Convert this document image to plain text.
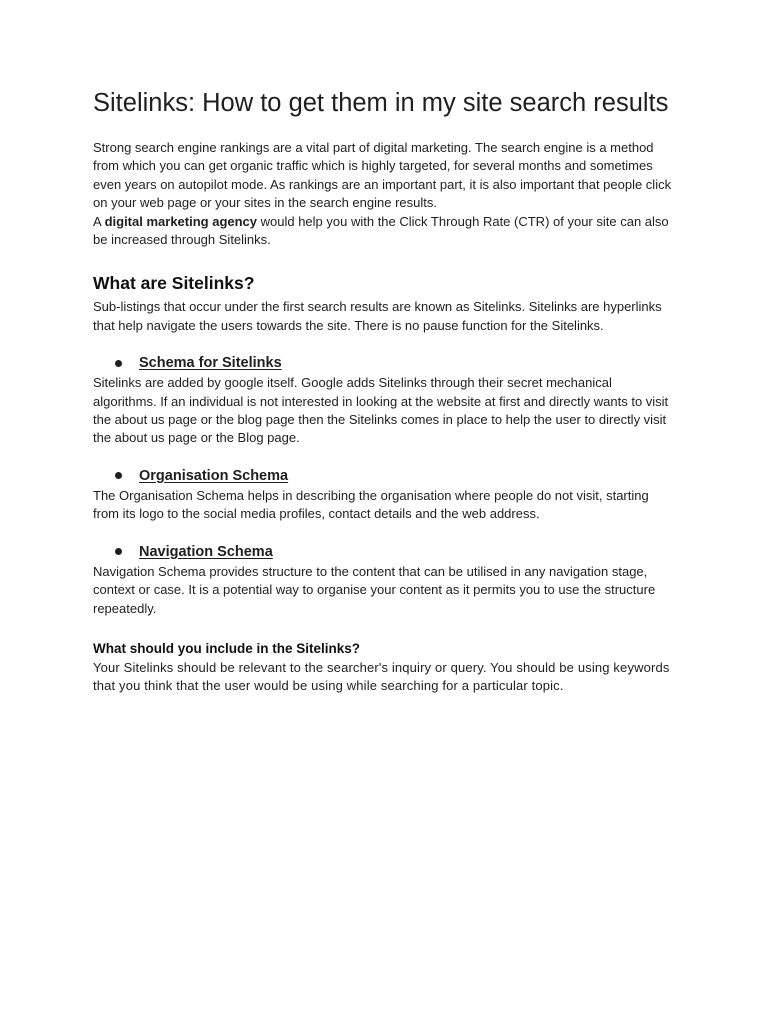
Sitelinks: How to get them in my site search results

Strong search engine rankings are a vital part of digital marketing. The search engine is a method from which you can get organic traffic which is highly targeted, for several months and sometimes even years on autopilot mode. As rankings are an important part, it is also important that people click on your web page or your sites in the search engine results.
A digital marketing agency would help you with the Click Through Rate (CTR) of your site can also be increased through Sitelinks.

What are Sitelinks?

Sub-listings that occur under the first search results are known as Sitelinks. Sitelinks are hyperlinks that help navigate the users towards the site. There is no pause function for the Sitelinks.

Schema for Sitelinks

Sitelinks are added by google itself. Google adds Sitelinks through their secret mechanical algorithms. If an individual is not interested in looking at the website at first and directly wants to visit the about us page or the blog page then the Sitelinks comes in place to help the user to directly visit the about us page or the Blog page.

Organisation Schema

The Organisation Schema helps in describing the organisation where people do not visit, starting from its logo to the social media profiles, contact details and the web address.

Navigation Schema

Navigation Schema provides structure to the content that can be utilised in any navigation stage, context or case. It is a potential way to organise your content as it permits you to use the structure repeatedly.

What should you include in the Sitelinks?

Your Sitelinks should be relevant to the searcher's inquiry or query. You should be using keywords that you think that the user would be using while searching for a particular topic.
